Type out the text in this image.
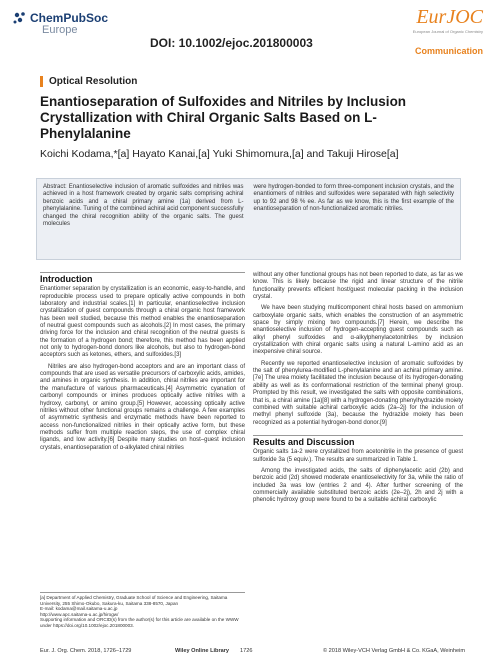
ChemPubSoc
Europe
DOI: 10.1002/ejoc.201800003
EurJOC
European Journal of Organic Chemistry
Communication
Optical Resolution
Enantioseparation of Sulfoxides and Nitriles by Inclusion Crystallization with Chiral Organic Salts Based on L-Phenylalanine
Koichi Kodama,*[a] Hayato Kanai,[a] Yuki Shimomura,[a] and Takuji Hirose[a]
Abstract: Enantioselective inclusion of aromatic sulfoxides and nitriles was achieved in a host framework created by organic salts comprising achiral benzoic acids and a chiral primary amine (1a) derived from L-phenylalanine. Tuning of the combined achiral acid component successfully changed the chiral recognition ability of the organic salts. The guest molecules
were hydrogen-bonded to form three-component inclusion crystals, and the enantiomers of nitriles and sulfoxides were separated with high selectivity up to 92 and 98 % ee. As far as we know, this is the first example of the enantioseparation of non-functionalized aromatic nitriles.
Introduction

Enantiomer separation by crystallization is an economic, easy-to-handle, and reproducible process used to prepare optically active compounds in both laboratory and industrial scales.[1] In particular, enantioselective inclusion crystallization of guest compounds through a chiral organic host framework has been well studied, because this method enables the enantioseparation of neutral guest compounds such as alcohols.[2] In most cases, the primary driving force for the inclusion and chiral recognition of the neutral guests is the formation of a hydrogen bond; therefore, this method has been applied not only to hydrogen-bond donors like alcohols, but also to hydrogen-bond acceptors such as ketones, ethers, and sulfoxides.[3]

Nitriles are also hydrogen-bond acceptors and are an important class of compounds that are used as versatile precursors of carboxylic acids, amides, and amines in organic synthesis. In addition, chiral nitriles are important for the manufacture of various pharmaceuticals.[4] Asymmetric cyanation of carbonyl compounds or imines produces optically active nitriles with a hydroxy, carbonyl, or amino group.[5] However, accessing optically active nitriles without other functional groups remains a challenge. A few examples of asymmetric synthesis and enzymatic methods have been reported to access non-functionalized nitriles in their optically active form, but these methods suffer from multiple reaction steps, the use of complex chiral ligands, and low activity.[6] Despite many studies on host–guest inclusion crystals, enantioseparation of α-alkylated chiral nitriles

without any other functional groups has not been reported to date, as far as we know. This is likely because the rigid and linear structure of the nitrile functionality prevents efficient host/guest molecular packing in the inclusion crystal.

We have been studying multicomponent chiral hosts based on ammonium carboxylate organic salts, which enables the construction of an asymmetric space by simply mixing two compounds.[7] Herein, we describe the enantioselective inclusion of hydrogen-accepting guest compounds such as alkyl phenyl sulfoxides and α-alkylphenylacetonitriles by inclusion crystallization with chiral organic salts using a natural L-amino acid as an inexpensive chiral source.

Recently we reported enantioselective inclusion of aromatic sulfoxides by the salt of phenylurea-modified L-phenylalanine and an achiral primary amine.[7e] The urea moiety facilitated the inclusion because of its hydrogen-donating ability as well as its conformational restriction of the terminal phenyl group. Prompted by this result, we investigated the salts with opposite combinations, that is, a chiral amine (1a)[8] with a hydrogen-donating phenylhydrazide moiety combined with suitable achiral carboxylic acids (2a–2j) for the inclusion of methyl phenyl sulfoxide (3a), because the hydrazide moiety has been recognized as a potential hydrogen-bond donor.[9]

Results and Discussion

Organic salts 1a-2 were crystallized from acetonitrile in the presence of guest sulfoxide 3a (5 equiv.). The results are summarized in Table 1.

Among the investigated acids, the salts of diphenylacetic acid (2b) and benzoic acid (2d) showed moderate enantioselectivity for 3a, while the ratio of included 3a was low (entries 2 and 4). After further screening of the commercially available substituted benzoic acids (2e–2j), 2h and 2j with a phenolic hydroxy group were found to be a suitable achiral carboxylic

[a] Department of Applied Chemistry, Graduate School of Science and Engineering, Saitama University, 255 Shimo-Okubo, Sakura-ku, Saitama 338-8570, Japan
E-mail: kodama@mail.saitama-u.ac.jp
http://www.apc.saitama-u.ac.jp/hirogw/
Supporting information and ORCID(s) from the author(s) for this article are available on the WWW under https://doi.org/10.1002/ejoc.201800003.
Eur. J. Org. Chem. 2018, 1726–1729	Wiley Online Library 1726	© 2018 Wiley-VCH Verlag GmbH & Co. KGaA, Weinheim
